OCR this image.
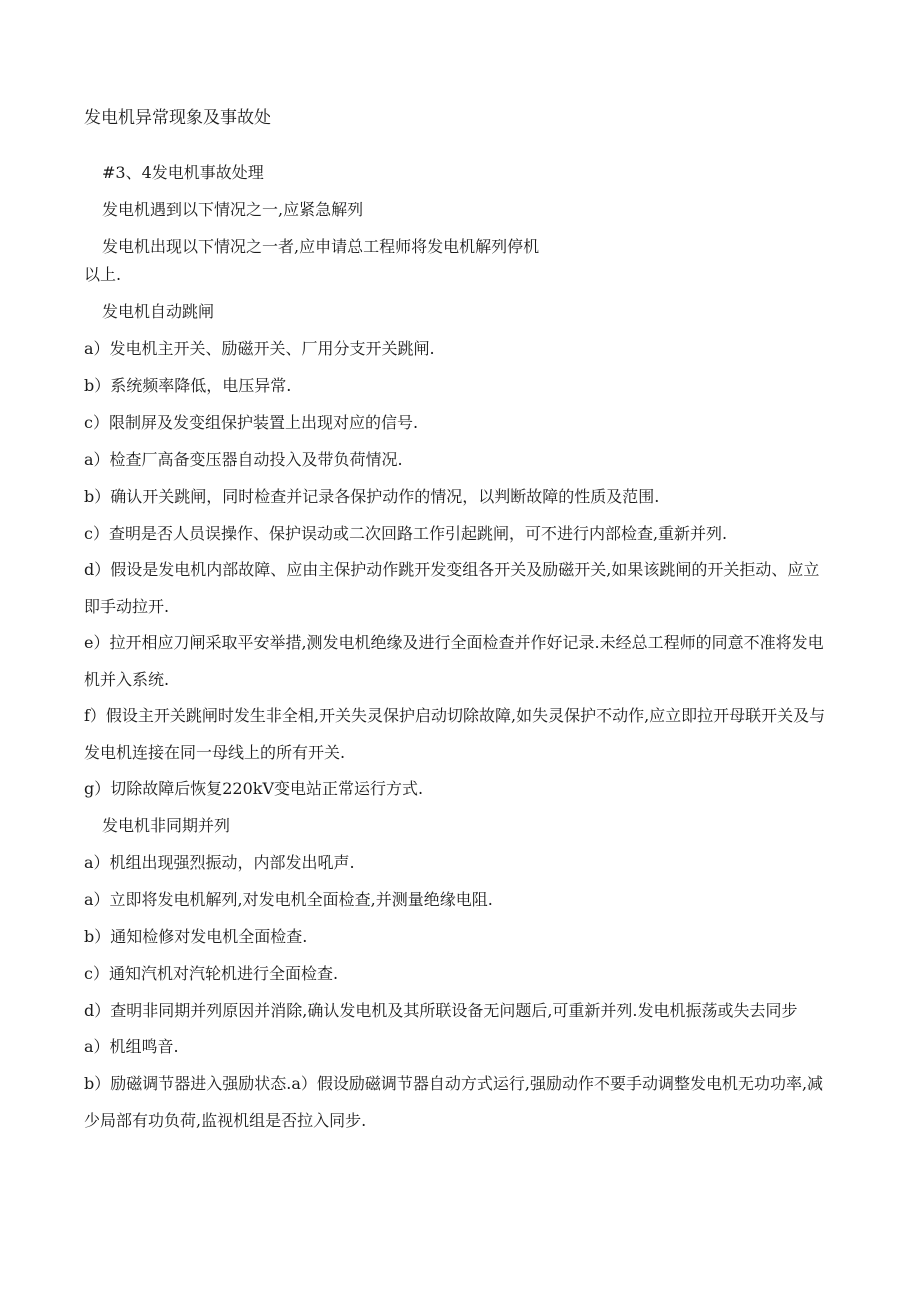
发电机异常现象及事故处

#3、4发电机事故处理

发电机遇到以下情况之一,应紧急解列

发电机出现以下情况之一者,应申请总工程师将发电机解列停机

以上.

发电机自动跳闸

a）发电机主开关、励磁开关、厂用分支开关跳闸.

b）系统频率降低，电压异常.

c）限制屏及发变组保护装置上出现对应的信号.

a）检查厂高备变压器自动投入及带负荷情况.

b）确认开关跳闸，同时检查并记录各保护动作的情况，以判断故障的性质及范围.

c）查明是否人员误操作、保护误动或二次回路工作引起跳闸，可不进行内部检查,重新并列.

d）假设是发电机内部故障、应由主保护动作跳开发变组各开关及励磁开关,如果该跳闸的开关拒动、应立即手动拉开.

e）拉开相应刀闸采取平安举措,测发电机绝缘及进行全面检查并作好记录.未经总工程师的同意不准将发电机并入系统.

f）假设主开关跳闸时发生非全相,开关失灵保护启动切除故障,如失灵保护不动作,应立即拉开母联开关及与发电机连接在同一母线上的所有开关.

g）切除故障后恢复220kV变电站正常运行方式.

发电机非同期并列

a）机组出现强烈振动，内部发出吼声.

a）立即将发电机解列,对发电机全面检查,并测量绝缘电阻.

b）通知检修对发电机全面检查.

c）通知汽机对汽轮机进行全面检查.

d）查明非同期并列原因并消除,确认发电机及其所联设备无问题后,可重新并列.发电机振荡或失去同步

a）机组鸣音.

b）励磁调节器进入强励状态.a）假设励磁调节器自动方式运行,强励动作不要手动调整发电机无功功率,减少局部有功负荷,监视机组是否拉入同步.
